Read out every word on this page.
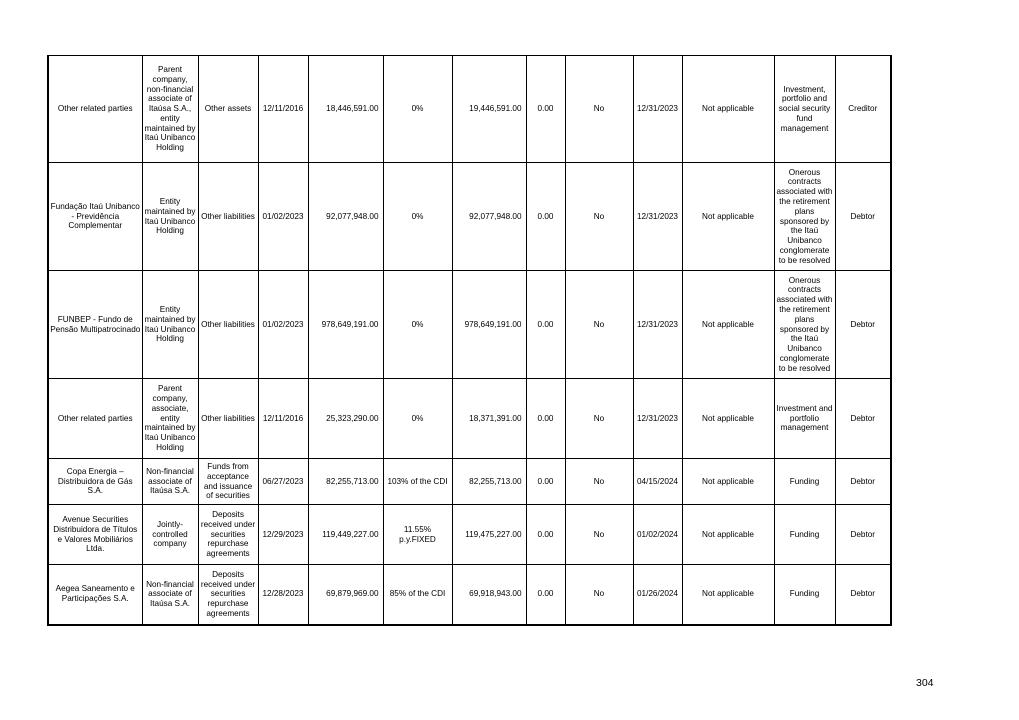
Other related parties	Parent company, non-financial associate of Itaúsa S.A., entity maintained by Itaú Unibanco Holding	Other assets	12/11/2016	18,446,591.00	0%	19,446,591.00	0.00	No	12/31/2023	Not applicable	Investment, portfolio and social security fund management	Creditor
Fundação Itaú Unibanco - Previdência Complementar	Entity maintained by Itaú Unibanco Holding	Other liabilities	01/02/2023	92,077,948.00	0%	92,077,948.00	0.00	No	12/31/2023	Not applicable	Onerous contracts associated with the retirement plans sponsored by the Itaú Unibanco conglomerate to be resolved	Debtor
FUNBEP - Fundo de Pensão Multipatrocinado	Entity maintained by Itaú Unibanco Holding	Other liabilities	01/02/2023	978,649,191.00	0%	978,649,191.00	0.00	No	12/31/2023	Not applicable	Onerous contracts associated with the retirement plans sponsored by the Itaú Unibanco conglomerate to be resolved	Debtor
Other related parties	Parent company, associate, entity maintained by Itaú Unibanco Holding	Other liabilities	12/11/2016	25,323,290.00	0%	18,371,391.00	0.00	No	12/31/2023	Not applicable	Investment and portfolio management	Debtor
Copa Energia – Distribuidora de Gás S.A.	Non-financial associate of Itaúsa S.A.	Funds from acceptance and issuance of securities	06/27/2023	82,255,713.00	103% of the CDI	82,255,713.00	0.00	No	04/15/2024	Not applicable	Funding	Debtor
Avenue Securities Distribuidora de Títulos e Valores Mobiliários Ltda.	Jointly-controlled company	Deposits received under securities repurchase agreements	12/29/2023	119,449,227.00	11.55% p.y.FIXED	119,475,227.00	0.00	No	01/02/2024	Not applicable	Funding	Debtor
Aegea Saneamento e Participações S.A.	Non-financial associate of Itaúsa S.A.	Deposits received under securities repurchase agreements	12/28/2023	69,879,969.00	85% of the CDI	69,918,943.00	0.00	No	01/26/2024	Not applicable	Funding	Debtor
304
